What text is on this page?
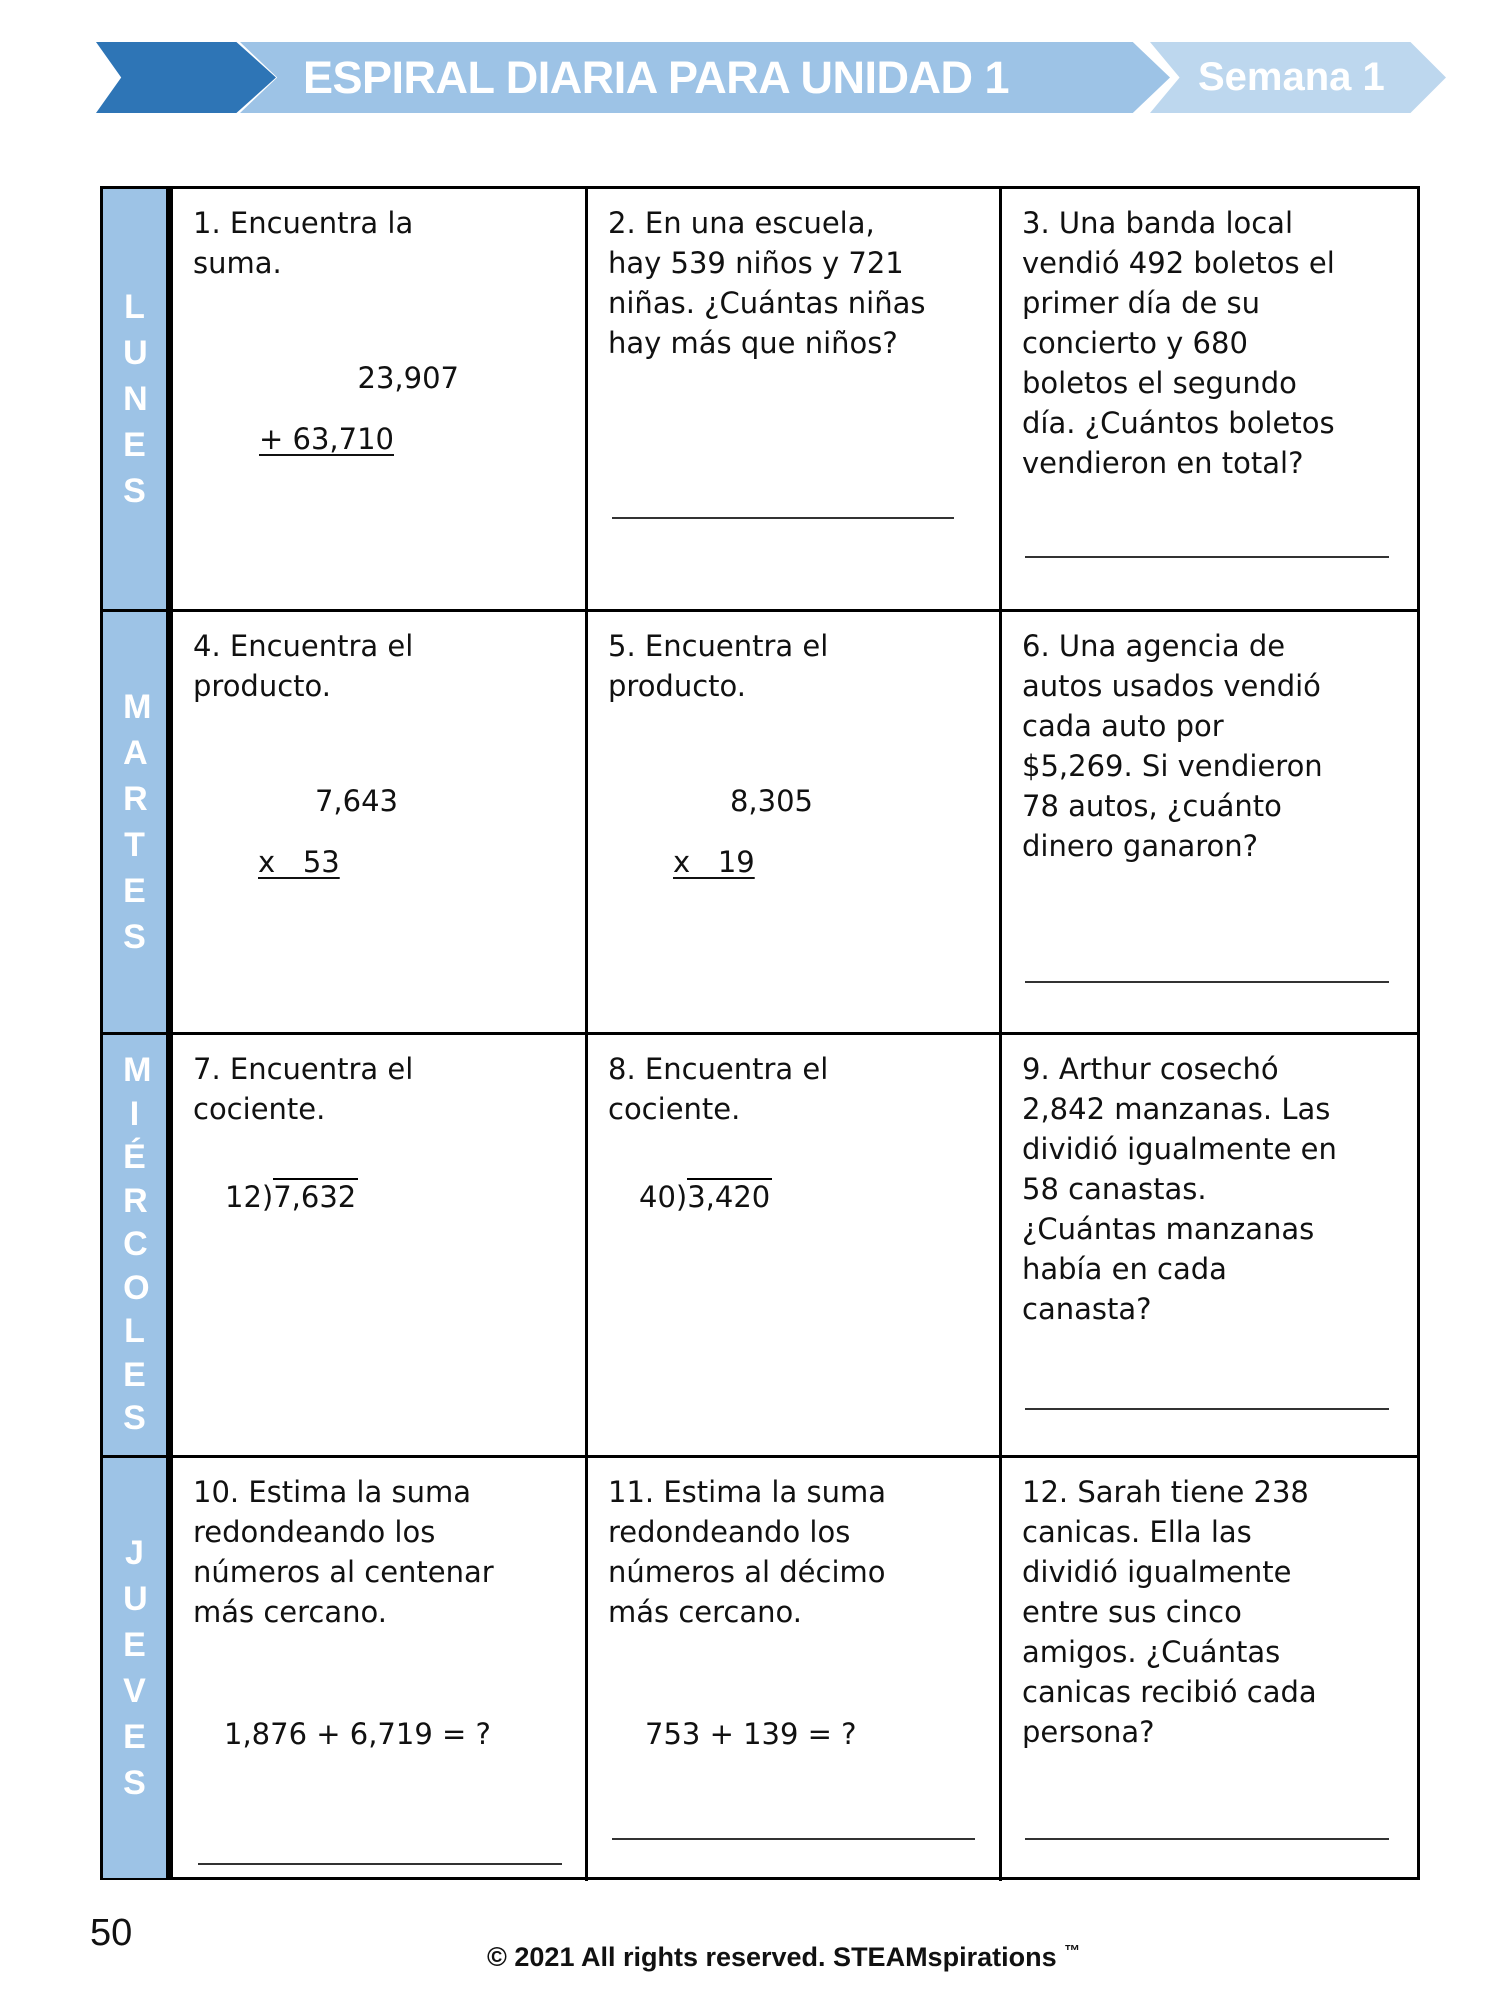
ESPIRAL DIARIA PARA UNIDAD 1	Semana 1
LUNES
MARTES
MIÉRCOLES
JUEVES
1. Encuentra la
suma.
23,907
+ 63,710
2. En una escuela,
hay 539 niños y 721
niñas. ¿Cuántas niñas
hay más que niños?
3. Una banda local
vendió 492 boletos el
primer día de su
concierto y 680
boletos el segundo
día. ¿Cuántos boletos
vendieron en total?
4. Encuentra el
producto.
7,643
x   53
5. Encuentra el
producto.
8,305
x   19
6. Una agencia de
autos usados vendió
cada auto por
$5,269. Si vendieron
78 autos, ¿cuánto
dinero ganaron?
7. Encuentra el
cociente.
12)7,632
8. Encuentra el
cociente.
40)3,420
9. Arthur cosechó
2,842 manzanas. Las
dividió igualmente en
58 canastas.
¿Cuántas manzanas
había en cada
canasta?
10. Estima la suma
redondeando los
números al centenar
más cercano.
1,876 + 6,719 = ?
11. Estima la suma
redondeando los
números al décimo
más cercano.
753 + 139 = ?
12. Sarah tiene 238
canicas. Ella las
dividió igualmente
entre sus cinco
amigos. ¿Cuántas
canicas recibió cada
persona?
50
© 2021 All rights reserved. STEAMspirations ™
